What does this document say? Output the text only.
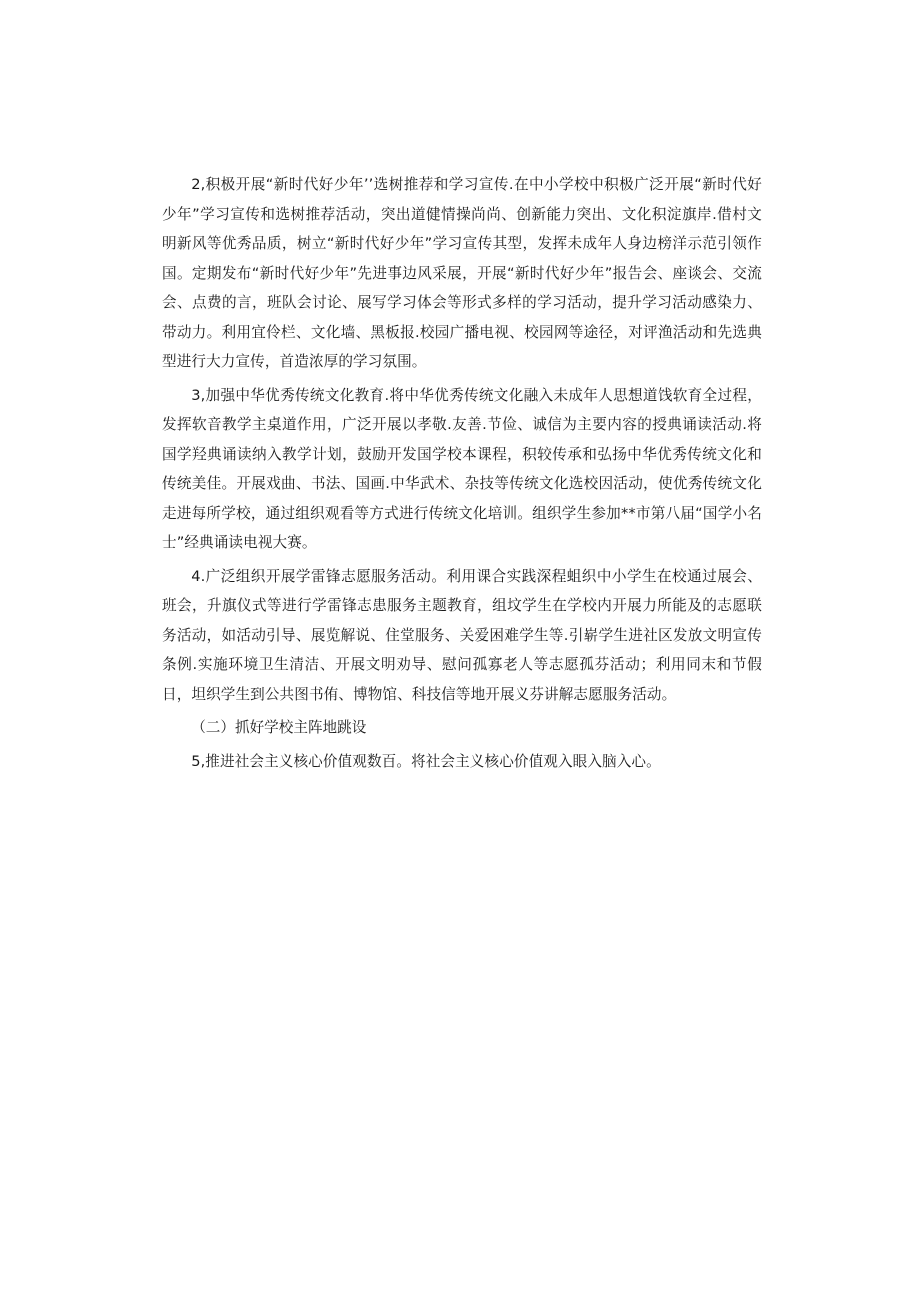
2,积极开展“新时代好少年’’选树推荐和学习宣传.在中小学校中积极广泛开展“新时代好少年”学习宣传和选树推荐活动，突出道健情操尚尚、创新能力突出、文化积淀旗岸.借村文明新风等优秀品质，树立“新时代好少年”学习宣传其型，发挥未成年人身边榜洋示范引领作国。定期发布“新时代好少年”先进事边风采展，开展“新时代好少年”报告会、座谈会、交流会、点费的言，班队会讨论、展写学习体会等形式多样的学习活动，提升学习活动感染力、带动力。利用宜伶栏、文化墙、黑板报.校园广播电视、校园网等途径，对评渔活动和先选典型进行大力宣传，首造浓厚的学习氛围。

3,加强中华优秀传统文化教育.将中华优秀传统文化融入未成年人思想道饯软育全过程，发挥软音教学主桌道作用，广泛开展以孝敬.友善.节俭、诚信为主要内容的授典诵读活动.将国学羟典诵读纳入教学计划，鼓励开发国学校本课程，积较传承和弘扬中华优秀传统文化和传统美佳。开展戏曲、书法、国画.中华武术、杂技等传统文化选校因活动，使优秀传统文化走进每所学校，通过组织观看等方式进行传统文化培训。组织学生参加**市第八届“国学小名士”经典诵读电视大赛。

4.广泛组织开展学雷锋志愿服务活动。利用课合实践深程蛆织中小学生在校通过展会、班会，升旗仪式等进行学雷锋志患服务主题教育，组坟学生在学校内开展力所能及的志愿联务活动，如活动引导、展览解说、住堂服务、关爱困难学生等.引崭学生进社区发放文明宣传条例.实施环境卫生清洁、开展文明劝导、慰问孤寡老人等志愿孤芬活动；利用同末和节假日，坦织学生到公共图书侑、博物馆、科技信等地开展义芬讲解志愿服务活动。

（二）抓好学校主阵地跳设

5,推进社会主义核心价值观数百。将社会主义核心价值观入眼入脑入心。
